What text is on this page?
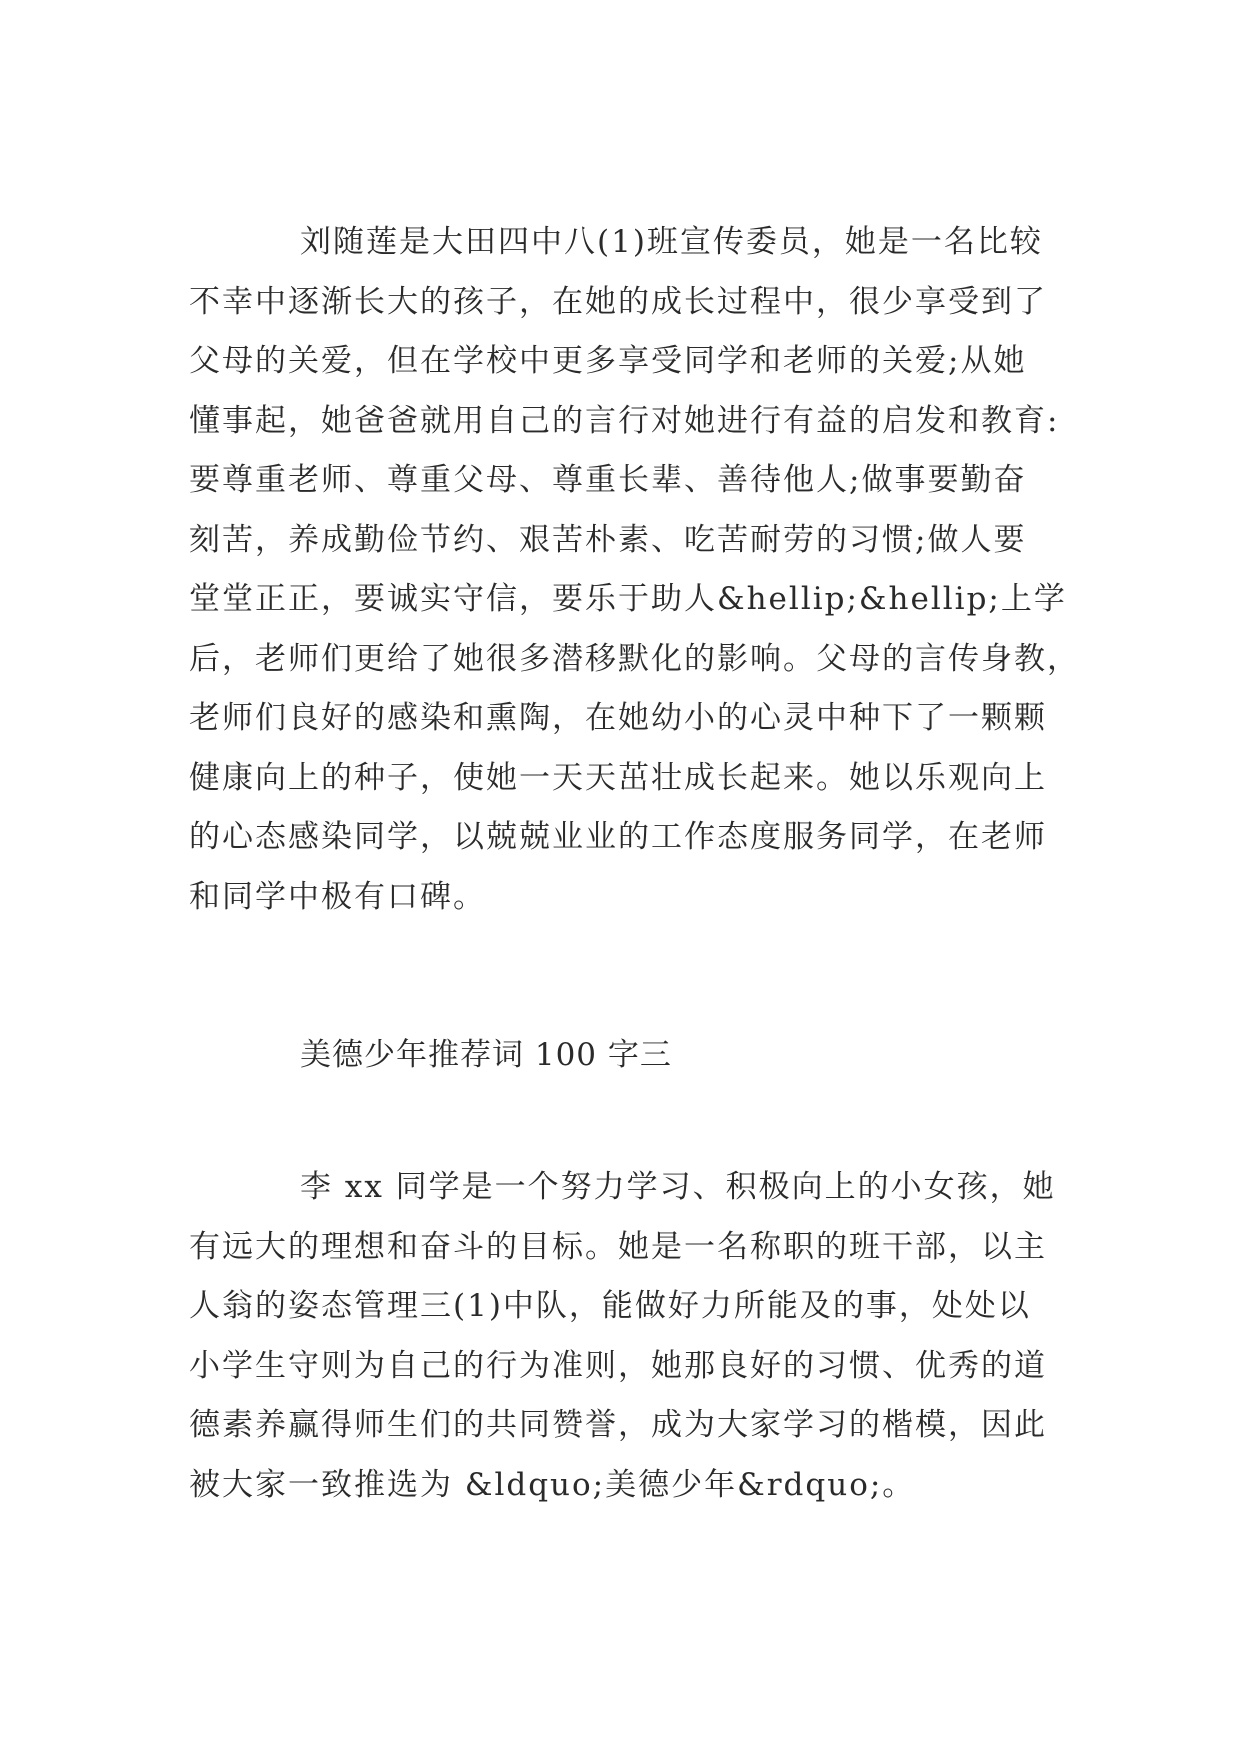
刘随莲是大田四中八(1)班宣传委员，她是一名比较
不幸中逐渐长大的孩子，在她的成长过程中，很少享受到了
父母的关爱，但在学校中更多享受同学和老师的关爱;从她
懂事起，她爸爸就用自己的言行对她进行有益的启发和教育:
要尊重老师、尊重父母、尊重长辈、善待他人;做事要勤奋
刻苦，养成勤俭节约、艰苦朴素、吃苦耐劳的习惯;做人要
堂堂正正，要诚实守信，要乐于助人&hellip;&hellip;上学
后，老师们更给了她很多潜移默化的影响。父母的言传身教，
老师们良好的感染和熏陶，在她幼小的心灵中种下了一颗颗
健康向上的种子，使她一天天茁壮成长起来。她以乐观向上
的心态感染同学，以兢兢业业的工作态度服务同学，在老师
和同学中极有口碑。
美德少年推荐词 100 字三
李 xx 同学是一个努力学习、积极向上的小女孩，她
有远大的理想和奋斗的目标。她是一名称职的班干部，以主
人翁的姿态管理三(1)中队，能做好力所能及的事，处处以
小学生守则为自己的行为准则，她那良好的习惯、优秀的道
德素养赢得师生们的共同赞誉，成为大家学习的楷模，因此
被大家一致推选为 &ldquo;美德少年&rdquo;。
